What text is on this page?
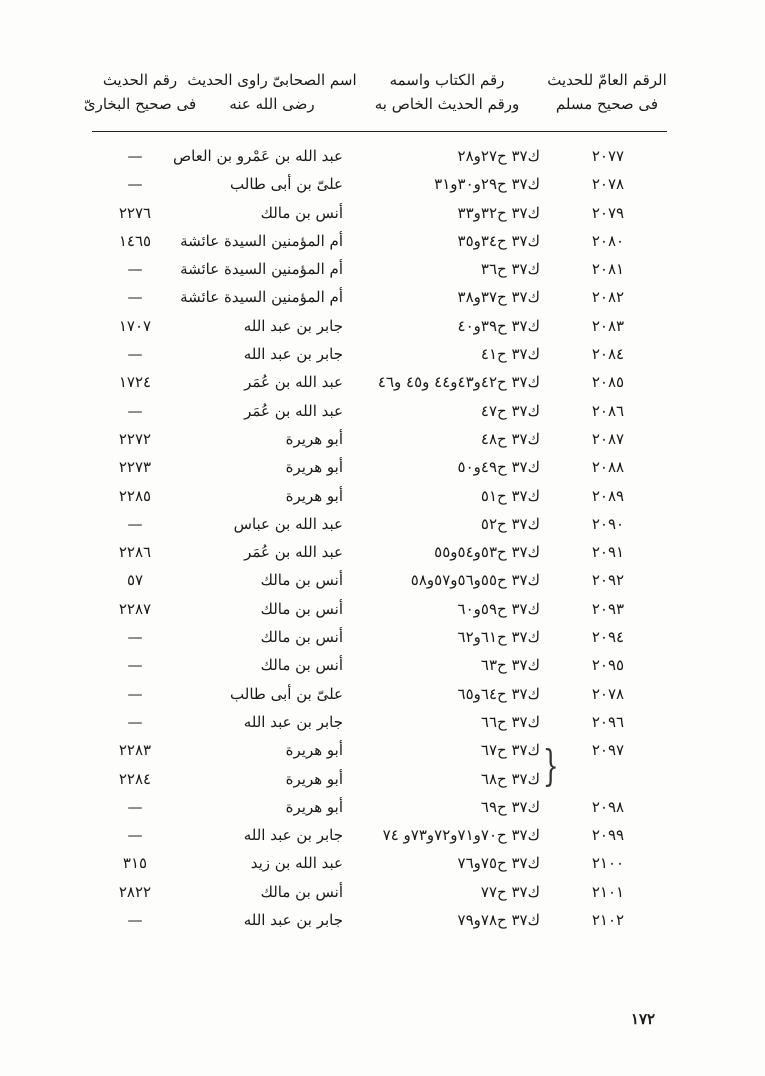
الرقم العامّ للحديث
فى صحيح مسلم
رقم الكتاب واسمه
ورقم الحديث الخاص به
اسم الصحابىّ راوى الحديث
رضى الله عنه
رقم الحديث
فى صحيح البخارىّ
٢٠٧٧
ك٣٧ ح٢٧و٢٨
عبد الله بن عَمْرو بن العاص
—
٢٠٧٨
ك٣٧ ح٢٩و٣٠و٣١
علىّ بن أبى طالب
—
٢٠٧٩
ك٣٧ ح٣٢و٣٣
أنس بن مالك
٢٢٧٦
٢٠٨٠
ك٣٧ ح٣٤و٣٥
أم المؤمنين السيدة عائشة
١٤٦٥
٢٠٨١
ك٣٧ ح٣٦
أم المؤمنين السيدة عائشة
—
٢٠٨٢
ك٣٧ ح٣٧و٣٨
أم المؤمنين السيدة عائشة
—
٢٠٨٣
ك٣٧ ح٣٩و٤٠
جابر بن عبد الله
١٧٠٧
٢٠٨٤
ك٣٧ ح٤١
جابر بن عبد الله
—
٢٠٨٥
ك٣٧ ح٤٢و٤٣و٤٤ و٤٥ و٤٦
عبد الله بن عُمَر
١٧٢٤
٢٠٨٦
ك٣٧ ح٤٧
عبد الله بن عُمَر
—
٢٠٨٧
ك٣٧ ح٤٨
أبو هريرة
٢٢٧٢
٢٠٨٨
ك٣٧ ح٤٩و٥٠
أبو هريرة
٢٢٧٣
٢٠٨٩
ك٣٧ ح٥١
أبو هريرة
٢٢٨٥
٢٠٩٠
ك٣٧ ح٥٢
عبد الله بن عباس
—
٢٠٩١
ك٣٧ ح٥٣و٥٤و٥٥
عبد الله بن عُمَر
٢٢٨٦
٢٠٩٢
ك٣٧ ح٥٥و٥٦و٥٧و٥٨
أنس بن مالك
٥٧
٢٠٩٣
ك٣٧ ح٥٩و٦٠
أنس بن مالك
٢٢٨٧
٢٠٩٤
ك٣٧ ح٦١و٦٢
أنس بن مالك
—
٢٠٩٥
ك٣٧ ح٦٣
أنس بن مالك
—
٢٠٧٨
ك٣٧ ح٦٤و٦٥
علىّ بن أبى طالب
—
٢٠٩٦
ك٣٧ ح٦٦
جابر بن عبد الله
—
٢٠٩٧
ك٣٧ ح٦٧
أبو هريرة
٢٢٨٣
ك٣٧ ح٦٨
أبو هريرة
٢٢٨٤
٢٠٩٨
ك٣٧ ح٦٩
أبو هريرة
—
٢٠٩٩
ك٣٧ ح٧٠و٧١و٧٢و٧٣و ٧٤
جابر بن عبد الله
—
٢١٠٠
ك٣٧ ح٧٥و٧٦
عبد الله بن زيد
٣١٥
٢١٠١
ك٣٧ ح٧٧
أنس بن مالك
٢٨٢٢
٢١٠٢
ك٣٧ ح٧٨و٧٩
جابر بن عبد الله
—
}
١٧٢
